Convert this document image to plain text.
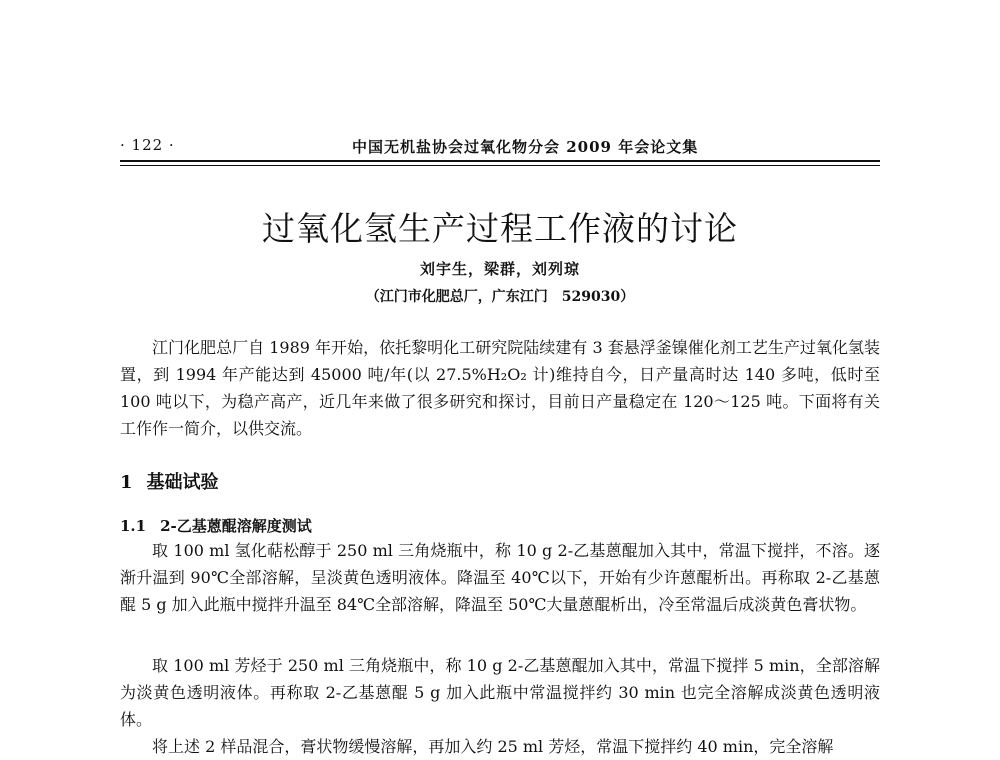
· 122 ·	中国无机盐协会过氧化物分会 2009 年会论文集
过氧化氢生产过程工作液的讨论
刘宇生，梁群，刘列琼
（江门市化肥总厂，广东江门　529030）

江门化肥总厂自 1989 年开始，依托黎明化工研究院陆续建有 3 套悬浮釜镍催化剂工艺生产过氧化氢装置，到 1994 年产能达到 45000 吨/年(以 27.5%H₂O₂ 计)维持自今，日产量高时达 140 多吨，低时至 100 吨以下，为稳产高产，近几年来做了很多研究和探讨，目前日产量稳定在 120～125 吨。下面将有关工作作一简介，以供交流。

1 基础试验
1.1 2-乙基蒽醌溶解度测试

取 100 ml 氢化萜松醇于 250 ml 三角烧瓶中，称 10 g 2-乙基蒽醌加入其中，常温下搅拌，不溶。逐渐升温到 90℃全部溶解，呈淡黄色透明液体。降温至 40℃以下，开始有少许蒽醌析出。再称取 2-乙基蒽醌 5 g 加入此瓶中搅拌升温至 84℃全部溶解，降温至 50℃大量蒽醌析出，冷至常温后成淡黄色膏状物。

取 100 ml 芳烃于 250 ml 三角烧瓶中，称 10 g 2-乙基蒽醌加入其中，常温下搅拌 5 min，全部溶解为淡黄色透明液体。再称取 2-乙基蒽醌 5 g 加入此瓶中常温搅拌约 30 min 也完全溶解成淡黄色透明液体。

将上述 2 样品混合，膏状物缓慢溶解，再加入约 25 ml 芳烃，常温下搅拌约 40 min，完全溶解
